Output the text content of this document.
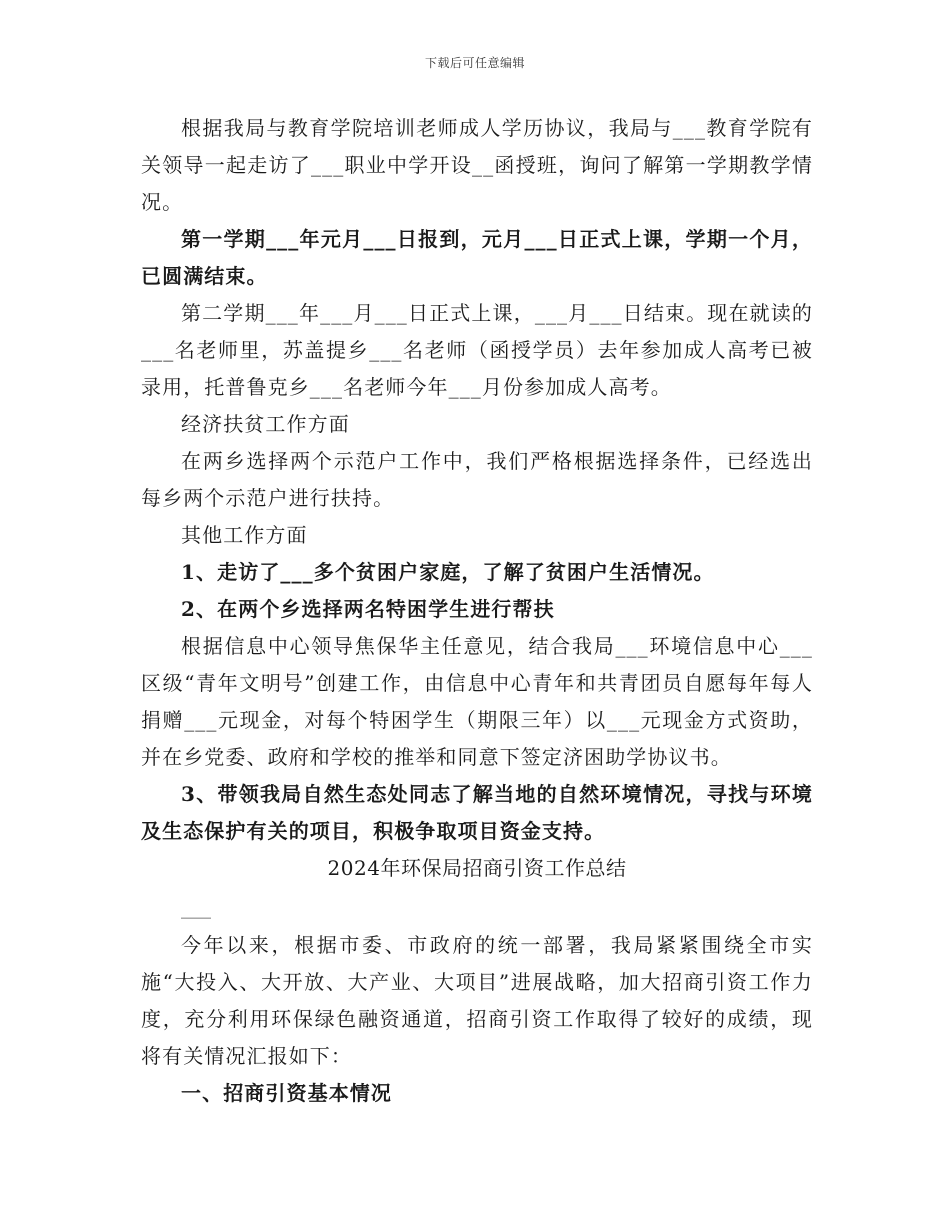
下载后可任意编辑

根据我局与教育学院培训老师成人学历协议，我局与___教育学院有关领导一起走访了___职业中学开设__函授班，询问了解第一学期教学情况。

第一学期___年元月___日报到，元月___日正式上课，学期一个月，已圆满结束。

第二学期___年___月___日正式上课，___月___日结束。现在就读的___名老师里，苏盖提乡___名老师（函授学员）去年参加成人高考已被录用，托普鲁克乡___名老师今年___月份参加成人高考。

经济扶贫工作方面

在两乡选择两个示范户工作中，我们严格根据选择条件，已经选出每乡两个示范户进行扶持。

其他工作方面

1、走访了___多个贫困户家庭，了解了贫困户生活情况。

2、在两个乡选择两名特困学生进行帮扶

根据信息中心领导焦保华主任意见，结合我局___环境信息中心___区级“青年文明号”创建工作，由信息中心青年和共青团员自愿每年每人捐赠___元现金，对每个特困学生（期限三年）以___元现金方式资助，并在乡党委、政府和学校的推举和同意下签定济困助学协议书。

3、带领我局自然生态处同志了解当地的自然环境情况，寻找与环境及生态保护有关的项目，积极争取项目资金支持。

2024年环保局招商引资工作总结

___

今年以来，根据市委、市政府的统一部署，我局紧紧围绕全市实施“大投入、大开放、大产业、大项目”进展战略，加大招商引资工作力度，充分利用环保绿色融资通道，招商引资工作取得了较好的成绩，现将有关情况汇报如下：

一、招商引资基本情况
